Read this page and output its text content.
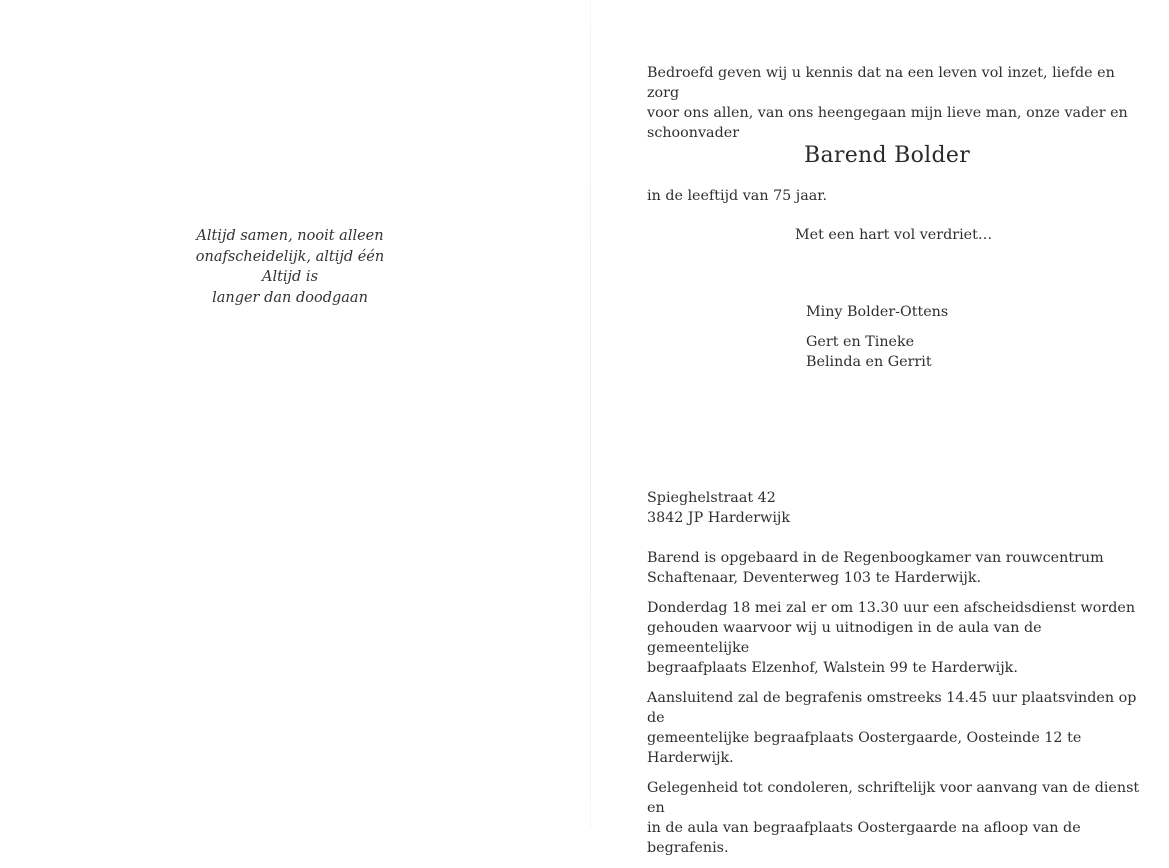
Altijd samen, nooit alleen
onafscheidelijk, altijd één
Altijd is
langer dan doodgaan
Bedroefd geven wij u kennis dat na een leven vol inzet, liefde en zorg
voor ons allen, van ons heengegaan mijn lieve man, onze vader en
schoonvader
Barend Bolder
in de leeftijd van 75 jaar.
Met een hart vol verdriet…
Miny Bolder-Ottens
Gert en Tineke
Belinda en Gerrit
Spieghelstraat 42
3842 JP Harderwijk

Barend is opgebaard in de Regenboogkamer van rouwcentrum
Schaftenaar, Deventerweg 103 te Harderwijk.

Donderdag 18 mei zal er om 13.30 uur een afscheidsdienst worden
gehouden waarvoor wij u uitnodigen in de aula van de gemeentelijke
begraafplaats Elzenhof, Walstein 99 te Harderwijk.

Aansluitend zal de begrafenis omstreeks 14.45 uur plaatsvinden op de
gemeentelijke begraafplaats Oostergaarde, Oosteinde 12 te Harderwijk.

Gelegenheid tot condoleren, schriftelijk voor aanvang van de dienst en
in de aula van begraafplaats Oostergaarde na afloop van de begrafenis.
